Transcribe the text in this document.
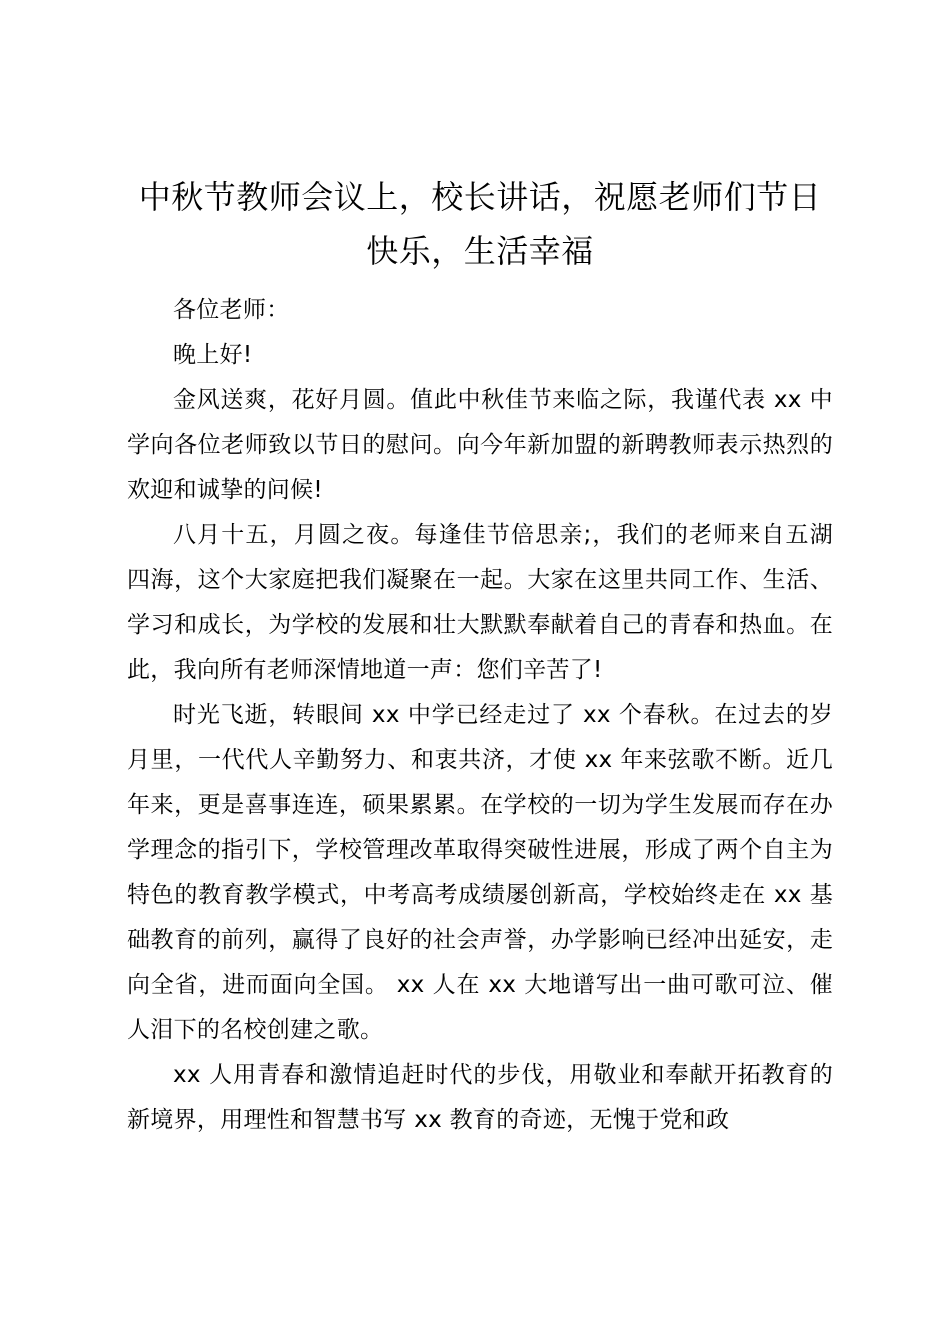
中秋节教师会议上，校长讲话，祝愿老师们节日快乐，生活幸福

各位老师：

晚上好!

金风送爽，花好月圆。值此中秋佳节来临之际，我谨代表 xx 中学向各位老师致以节日的慰问。向今年新加盟的新聘教师表示热烈的欢迎和诚挚的问候!

八月十五，月圆之夜。每逢佳节倍思亲;，我们的老师来自五湖四海，这个大家庭把我们凝聚在一起。大家在这里共同工作、生活、学习和成长，为学校的发展和壮大默默奉献着自己的青春和热血。在此，我向所有老师深情地道一声：您们辛苦了!

时光飞逝，转眼间 xx 中学已经走过了 xx 个春秋。在过去的岁月里，一代代人辛勤努力、和衷共济，才使 xx 年来弦歌不断。近几年来，更是喜事连连，硕果累累。在学校的一切为学生发展而存在办学理念的指引下，学校管理改革取得突破性进展，形成了两个自主为特色的教育教学模式，中考高考成绩屡创新高，学校始终走在 xx 基础教育的前列，赢得了良好的社会声誉，办学影响已经冲出延安，走向全省，进而面向全国。 xx 人在 xx 大地谱写出一曲可歌可泣、催人泪下的名校创建之歌。

xx 人用青春和激情追赶时代的步伐，用敬业和奉献开拓教育的新境界，用理性和智慧书写 xx 教育的奇迹，无愧于党和政
